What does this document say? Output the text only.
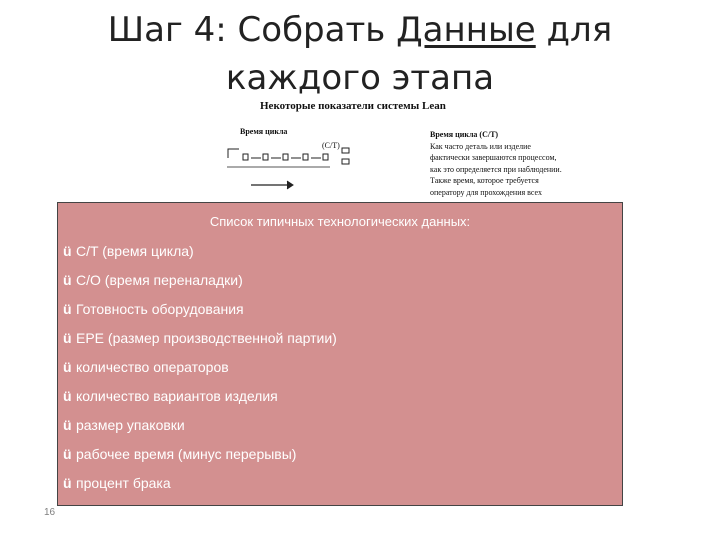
Шаг 4: Собрать Данные для каждого этапа
Некоторые показатели системы Lean
Время цикла
(С/Т)
Время цикла (С/Т)
Как часто деталь или изделие
фактически завершаются процессом,
как это определяется при наблюдении.
Также время, которое требуется
оператору для прохождения всех
Список типичных технологических данных:
ü C/T (время цикла)
ü C/O (время переналадки)
ü Готовность оборудования
ü EPE (размер производственной партии)
ü количество операторов
ü количество вариантов изделия
ü размер упаковки
ü рабочее время (минус перерывы)
ü процент брака
16
